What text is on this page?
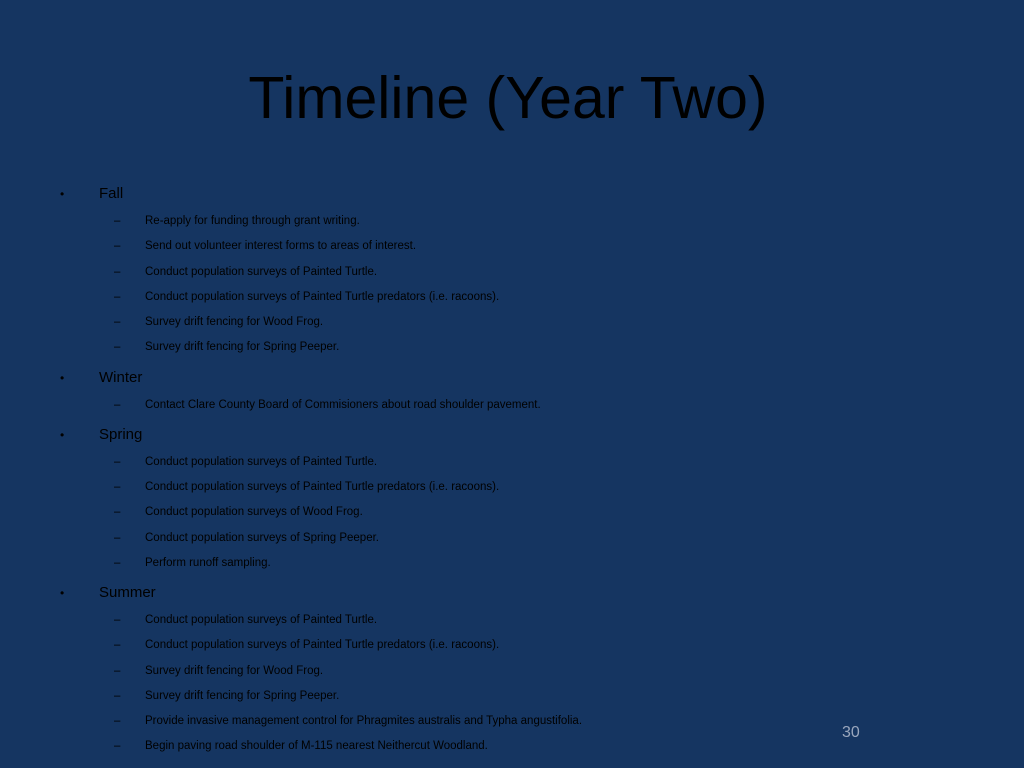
Timeline (Year Two)
• Fall
– Re-apply for funding through grant writing.
– Send out volunteer interest forms to areas of interest.
– Conduct population surveys of Painted Turtle.
– Conduct population surveys of Painted Turtle predators (i.e. racoons).
– Survey drift fencing for Wood Frog.
– Survey drift fencing for Spring Peeper.
• Winter
– Contact Clare County Board of Commisioners about road shoulder pavement.
• Spring
– Conduct population surveys of Painted Turtle.
– Conduct population surveys of Painted Turtle predators (i.e. racoons).
– Conduct population surveys of Wood Frog.
– Conduct population surveys of Spring Peeper.
– Perform runoff sampling.
• Summer
– Conduct population surveys of Painted Turtle.
– Conduct population surveys of Painted Turtle predators (i.e. racoons).
– Survey drift fencing for Wood Frog.
– Survey drift fencing for Spring Peeper.
– Provide invasive management control for Phragmites australis and Typha angustifolia.
– Begin paving road shoulder of M-115 nearest Neithercut Woodland.
30
